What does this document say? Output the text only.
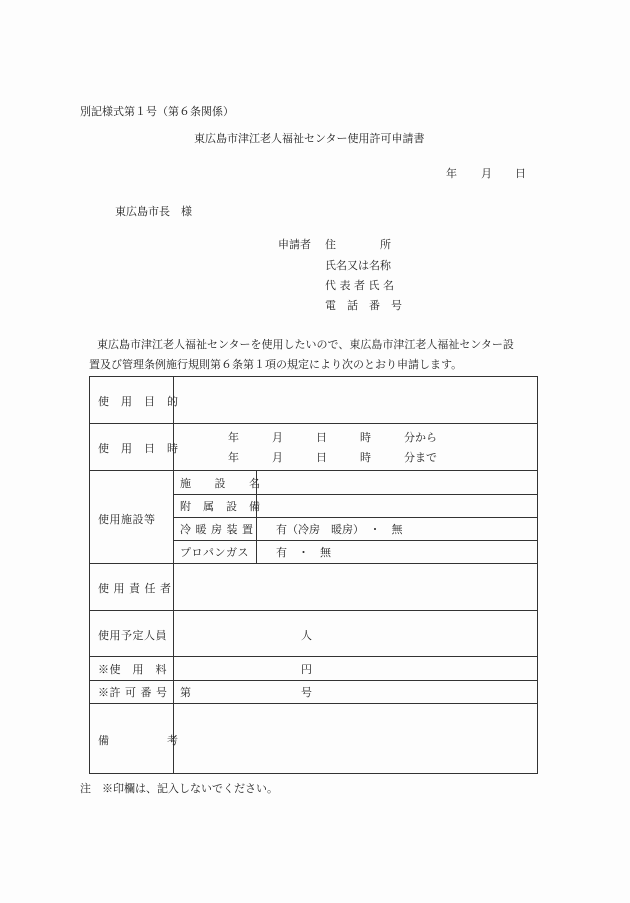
別記様式第１号（第６条関係）
東広島市津江老人福祉センター使用許可申請書
年 月 日
東広島市長　様
申請者 住　　　　所
氏名又は名称
代 表 者 氏 名
電　話　番　号
東広島市津江老人福祉センターを使用したいので、東広島市津江老人福祉センター設
置及び管理条例施行規則第６条第１項の規定により次のとおり申請します。
使　用　目　的
使　用　日　時
年　　　月　　　日　　　時　　　分から
年　　　月　　　日　　　時　　　分まで
使用施設等
施　　設　　名
附　属　設　備
冷 暖 房 装 置 有（冷房　暖房）　・　無
プロパンガス 有　・　無
使 用 責 任 者
使用予定人員	人
※使　用　料	円
※許 可 番 号 第	号
備　　　　　考
注　※印欄は、記入しないでください。
